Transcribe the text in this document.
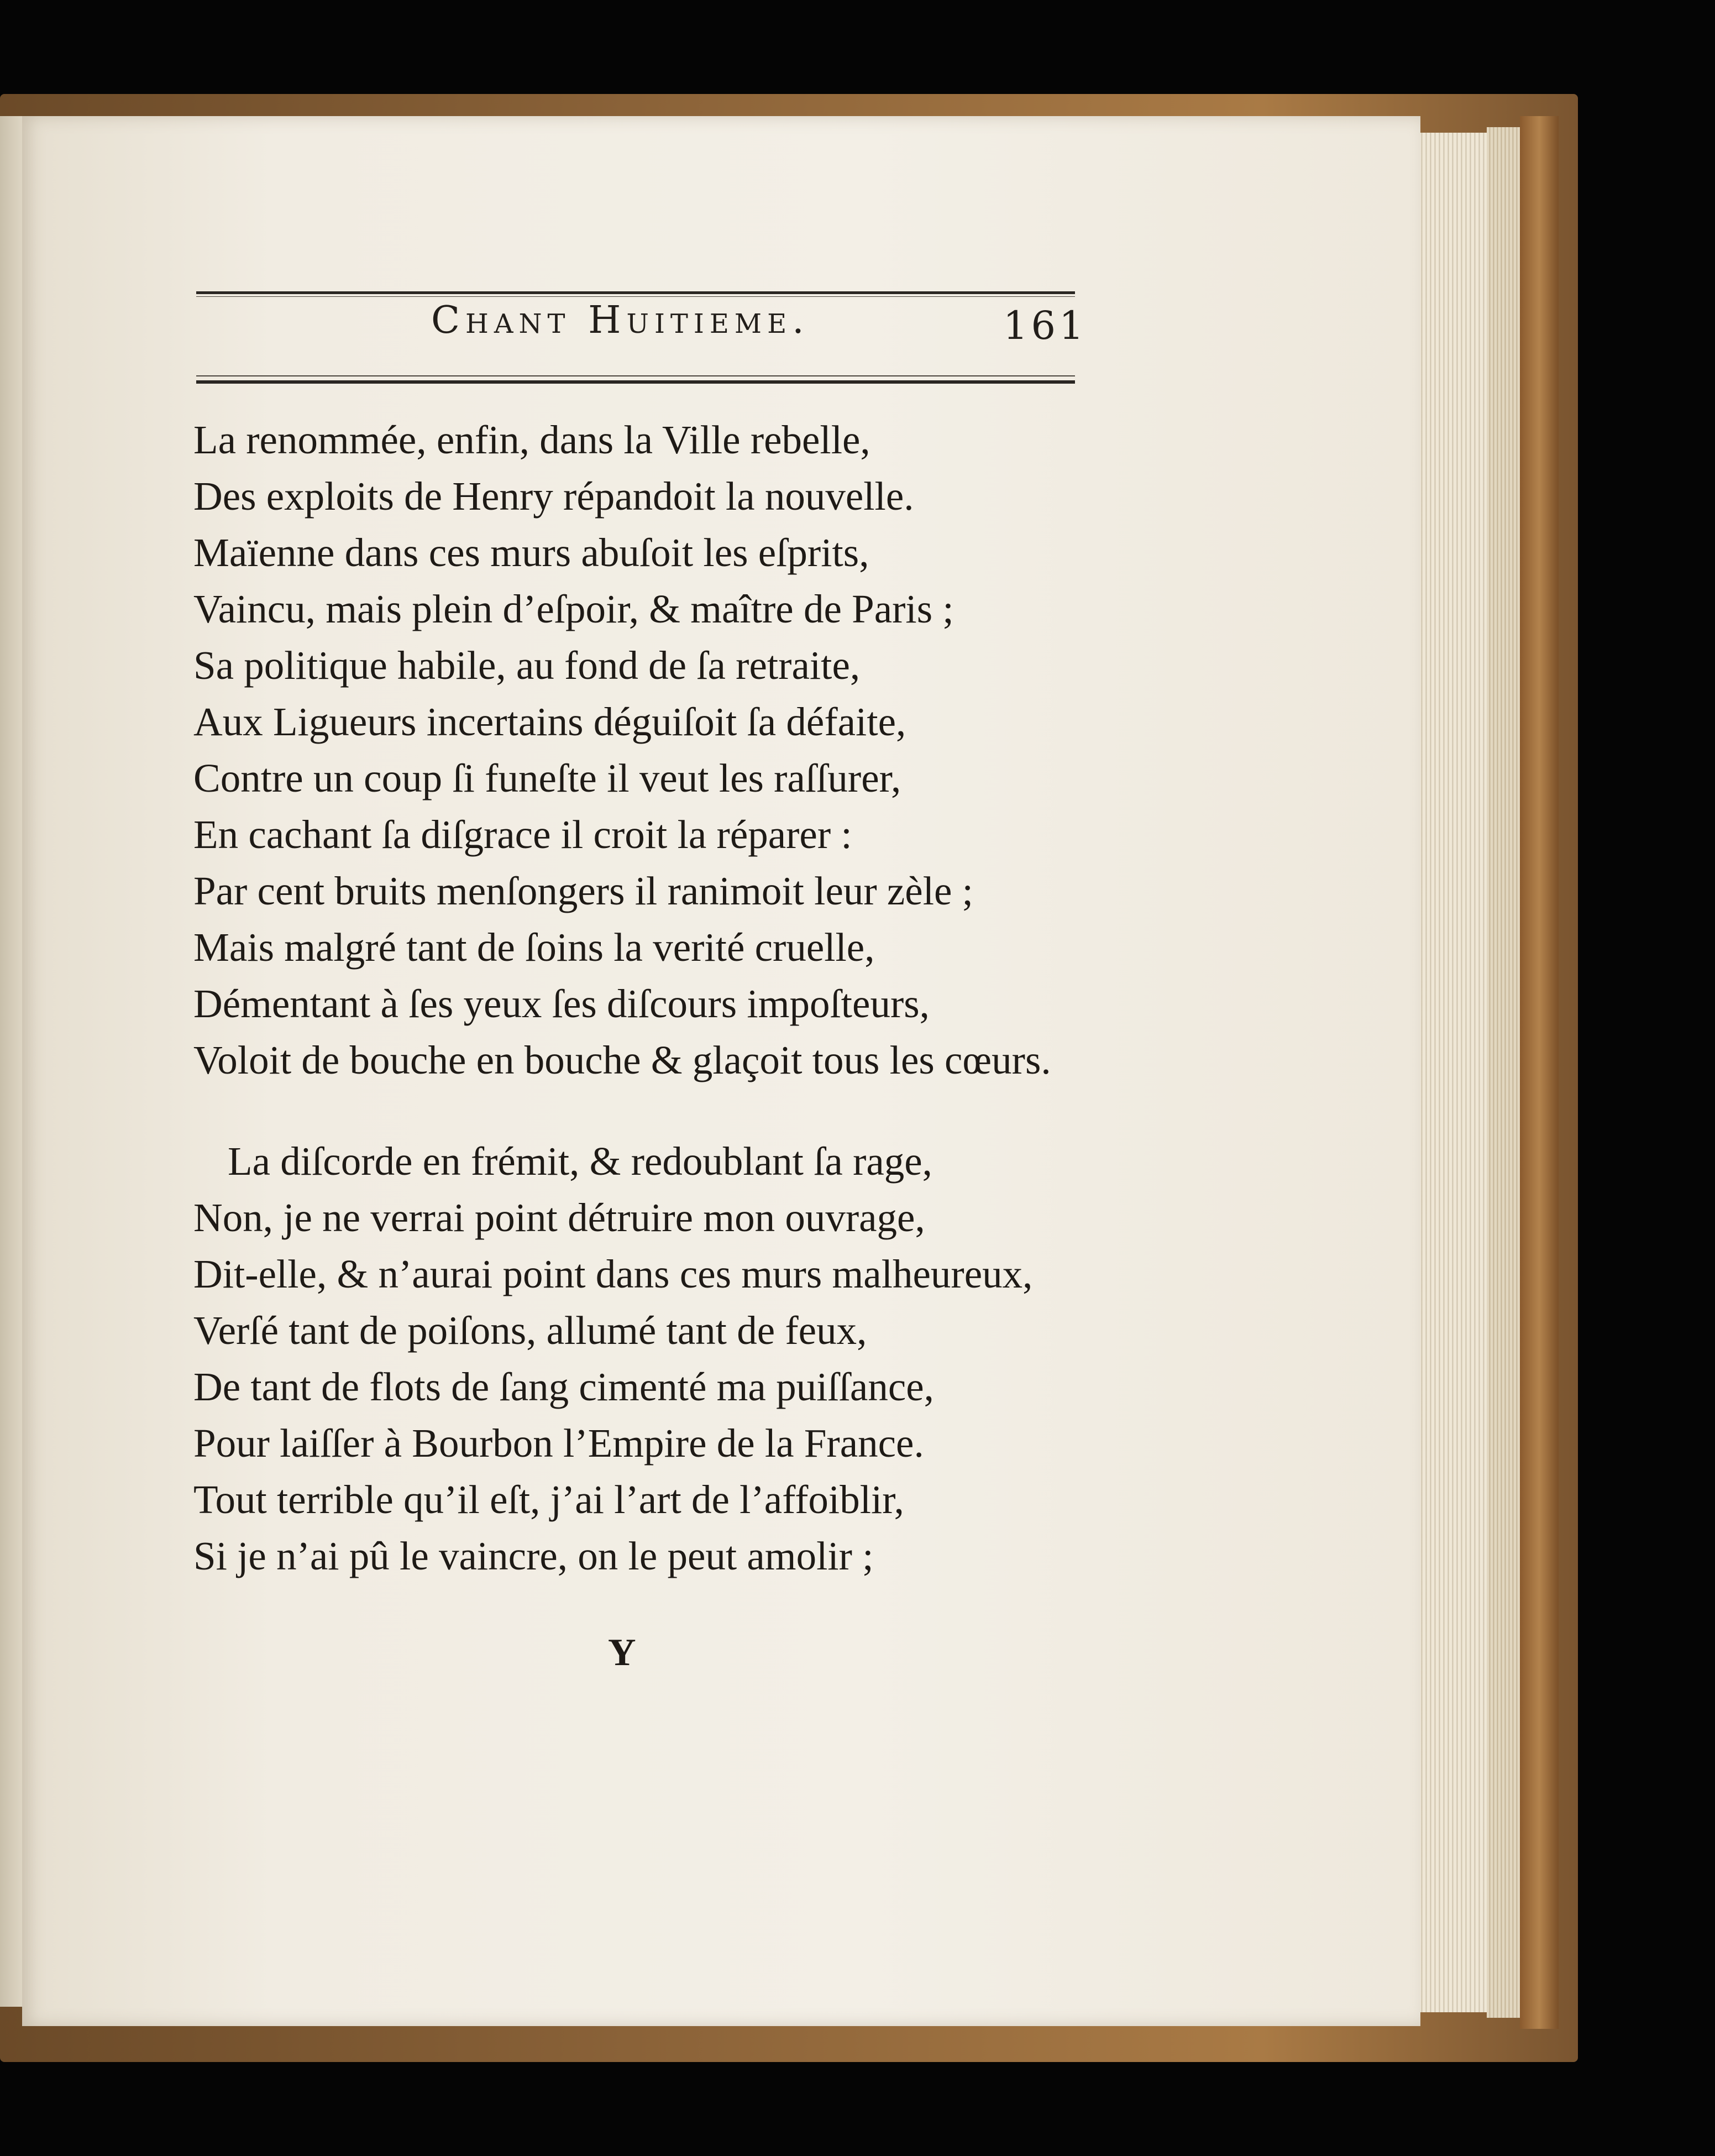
Chant Huitieme.	161
La renommée, enfin, dans la Ville rebelle,
Des exploits de Henry répandoit la nouvelle.
Maïenne dans ces murs abuſoit les eſprits,
Vaincu, mais plein d’eſpoir, & maître de Paris ;
Sa politique habile, au fond de ſa retraite,
Aux Ligueurs incertains déguiſoit ſa défaite,
Contre un coup ſi funeſte il veut les raſſurer,
En cachant ſa diſgrace il croit la réparer :
Par cent bruits menſongers il ranimoit leur zèle ;
Mais malgré tant de ſoins la verité cruelle,
Démentant à ſes yeux ſes diſcours impoſteurs,
Voloit de bouche en bouche & glaçoit tous les cœurs.
La diſcorde en frémit, & redoublant ſa rage,
Non, je ne verrai point détruire mon ouvrage,
Dit-elle, & n’aurai point dans ces murs malheureux,
Verſé tant de poiſons, allumé tant de feux,
De tant de flots de ſang cimenté ma puiſſance,
Pour laiſſer à Bourbon l’Empire de la France.
Tout terrible qu’il eſt, j’ai l’art de l’affoiblir,
Si je n’ai pû le vaincre, on le peut amolir ;
Y
